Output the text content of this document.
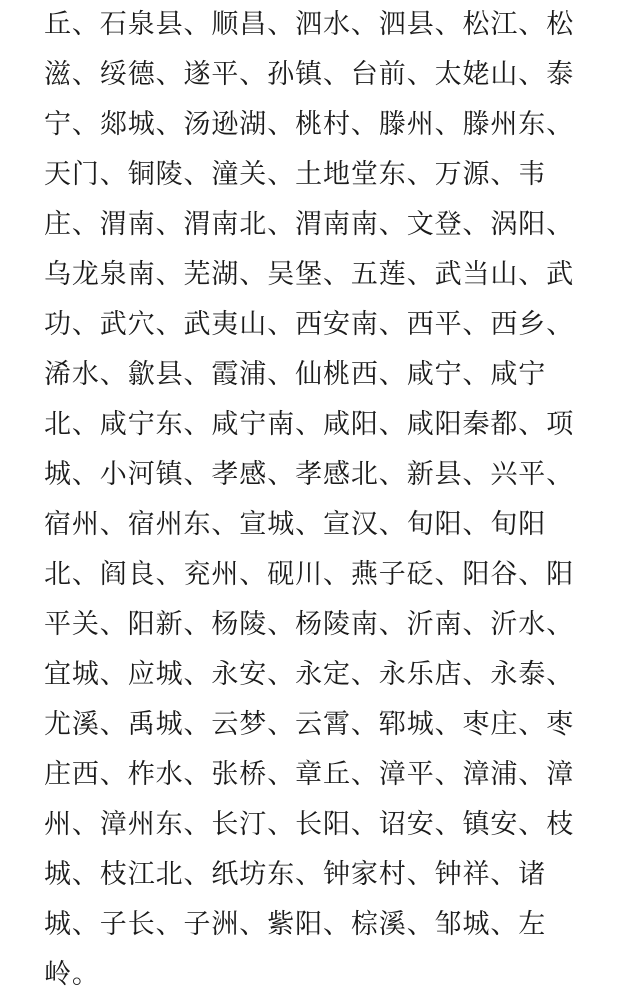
丘、石泉县、顺昌、泗水、泗县、松江、松
滋、绥德、遂平、孙镇、台前、太姥山、泰
宁、郯城、汤逊湖、桃村、滕州、滕州东、
天门、铜陵、潼关、土地堂东、万源、韦
庄、渭南、渭南北、渭南南、文登、涡阳、
乌龙泉南、芜湖、吴堡、五莲、武当山、武
功、武穴、武夷山、西安南、西平、西乡、
浠水、歙县、霞浦、仙桃西、咸宁、咸宁
北、咸宁东、咸宁南、咸阳、咸阳秦都、项
城、小河镇、孝感、孝感北、新县、兴平、
宿州、宿州东、宣城、宣汉、旬阳、旬阳
北、阎良、兖州、砚川、燕子砭、阳谷、阳
平关、阳新、杨陵、杨陵南、沂南、沂水、
宜城、应城、永安、永定、永乐店、永泰、
尤溪、禹城、云梦、云霄、郓城、枣庄、枣
庄西、柞水、张桥、章丘、漳平、漳浦、漳
州、漳州东、长汀、长阳、诏安、镇安、枝
城、枝江北、纸坊东、钟家村、钟祥、诸
城、子长、子洲、紫阳、棕溪、邹城、左
岭。
